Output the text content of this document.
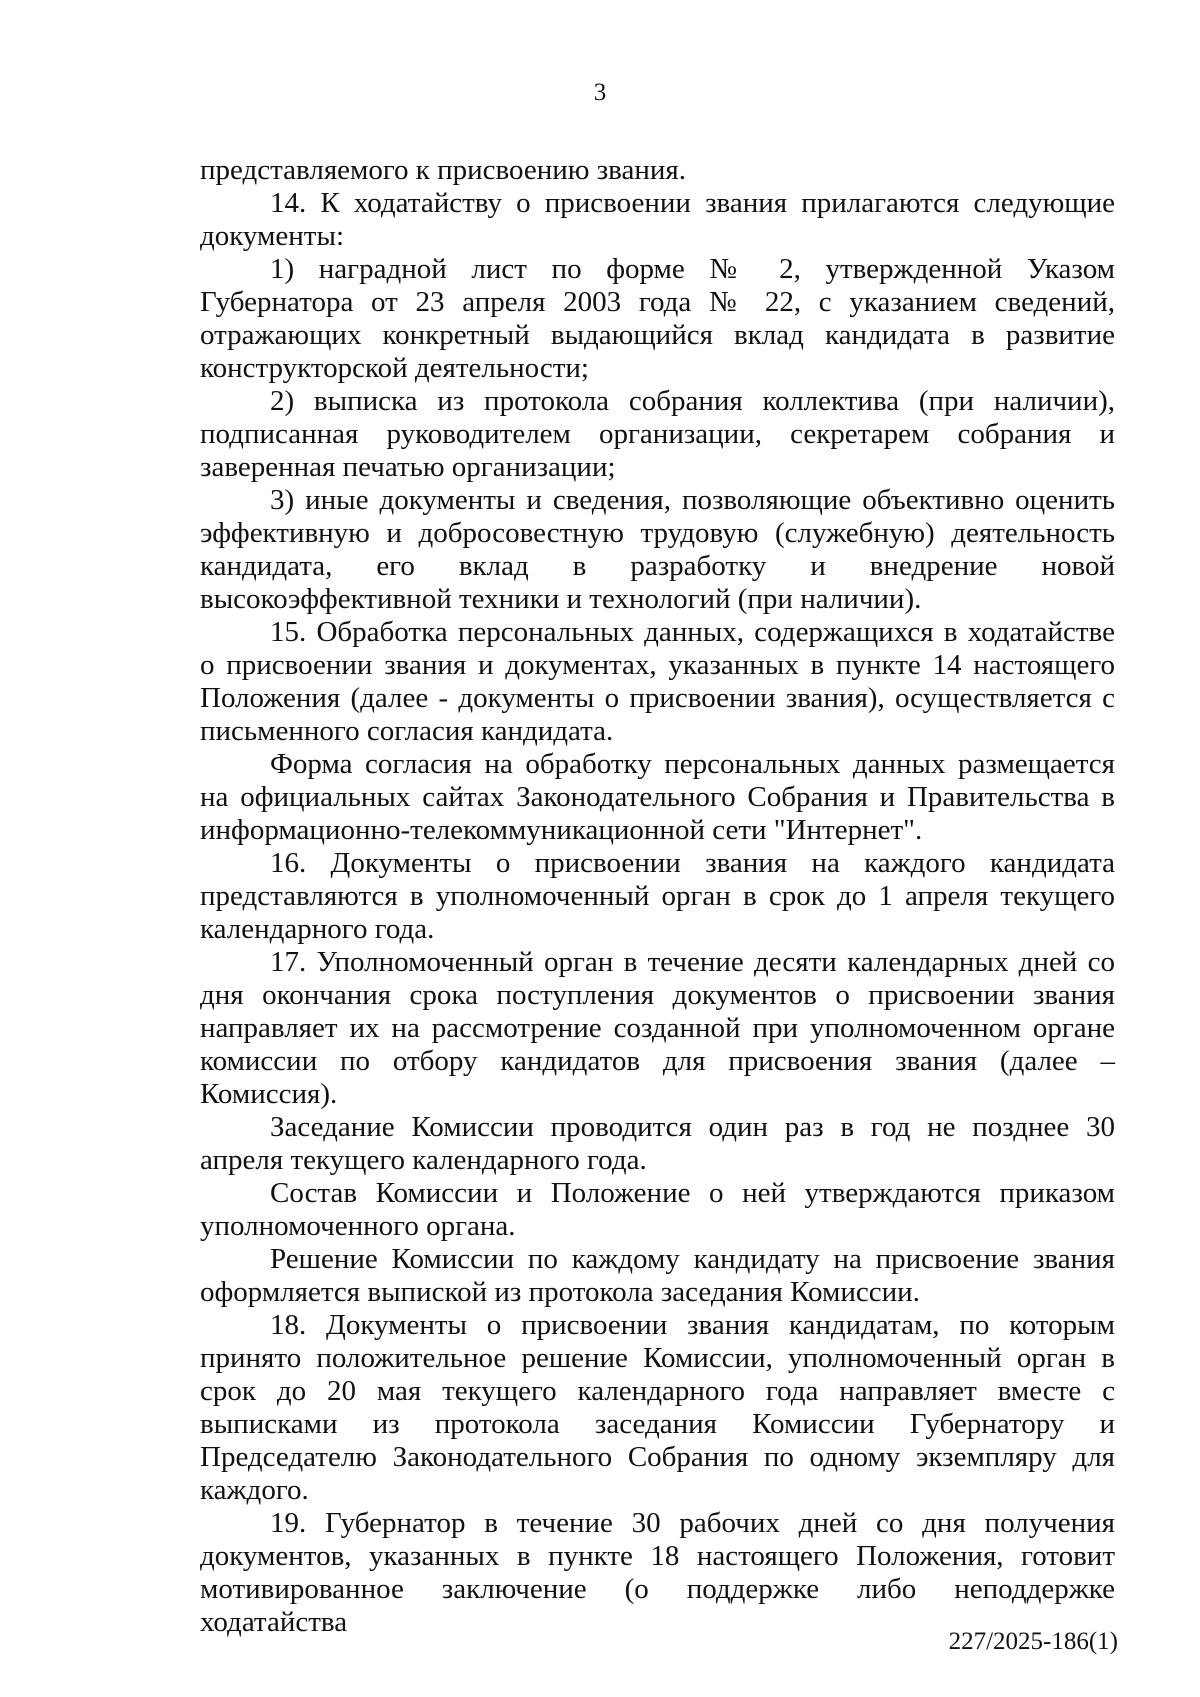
3

представляемого к присвоению звания.

14. К ходатайству о присвоении звания прилагаются следующие документы:

1) наградной лист по форме № 2, утвержденной Указом Губернатора от 23 апреля 2003 года № 22, с указанием сведений, отражающих конкретный выдающийся вклад кандидата в развитие конструкторской деятельности;

2) выписка из протокола собрания коллектива (при наличии), подписанная руководителем организации, секретарем собрания и заверенная печатью организации;

3) иные документы и сведения, позволяющие объективно оценить эффективную и добросовестную трудовую (служебную) деятельность кандидата, его вклад в разработку и внедрение новой высокоэффективной техники и технологий (при наличии).

15. Обработка персональных данных, содержащихся в ходатайстве о присвоении звания и документах, указанных в пункте 14 настоящего Положения (далее - документы о присвоении звания), осуществляется с письменного согласия кандидата.

Форма согласия на обработку персональных данных размещается на официальных сайтах Законодательного Собрания и Правительства в информационно-телекоммуникационной сети "Интернет".

16. Документы о присвоении звания на каждого кандидата представляются в уполномоченный орган в срок до 1 апреля текущего календарного года.

17. Уполномоченный орган в течение десяти календарных дней со дня окончания срока поступления документов о присвоении звания направляет их на рассмотрение созданной при уполномоченном органе комиссии по отбору кандидатов для присвоения звания (далее – Комиссия).

Заседание Комиссии проводится один раз в год не позднее 30 апреля текущего календарного года.

Состав Комиссии и Положение о ней утверждаются приказом уполномоченного органа.

Решение Комиссии по каждому кандидату на присвоение звания оформляется выпиской из протокола заседания Комиссии.

18. Документы о присвоении звания кандидатам, по которым принято положительное решение Комиссии, уполномоченный орган в срок до 20 мая текущего календарного года направляет вместе с выписками из протокола заседания Комиссии Губернатору и Председателю Законодательного Собрания по одному экземпляру для каждого.

19. Губернатор в течение 30 рабочих дней со дня получения документов, указанных в пункте 18 настоящего Положения, готовит мотивированное заключение (о поддержке либо неподдержке ходатайства

227/2025-186(1)
